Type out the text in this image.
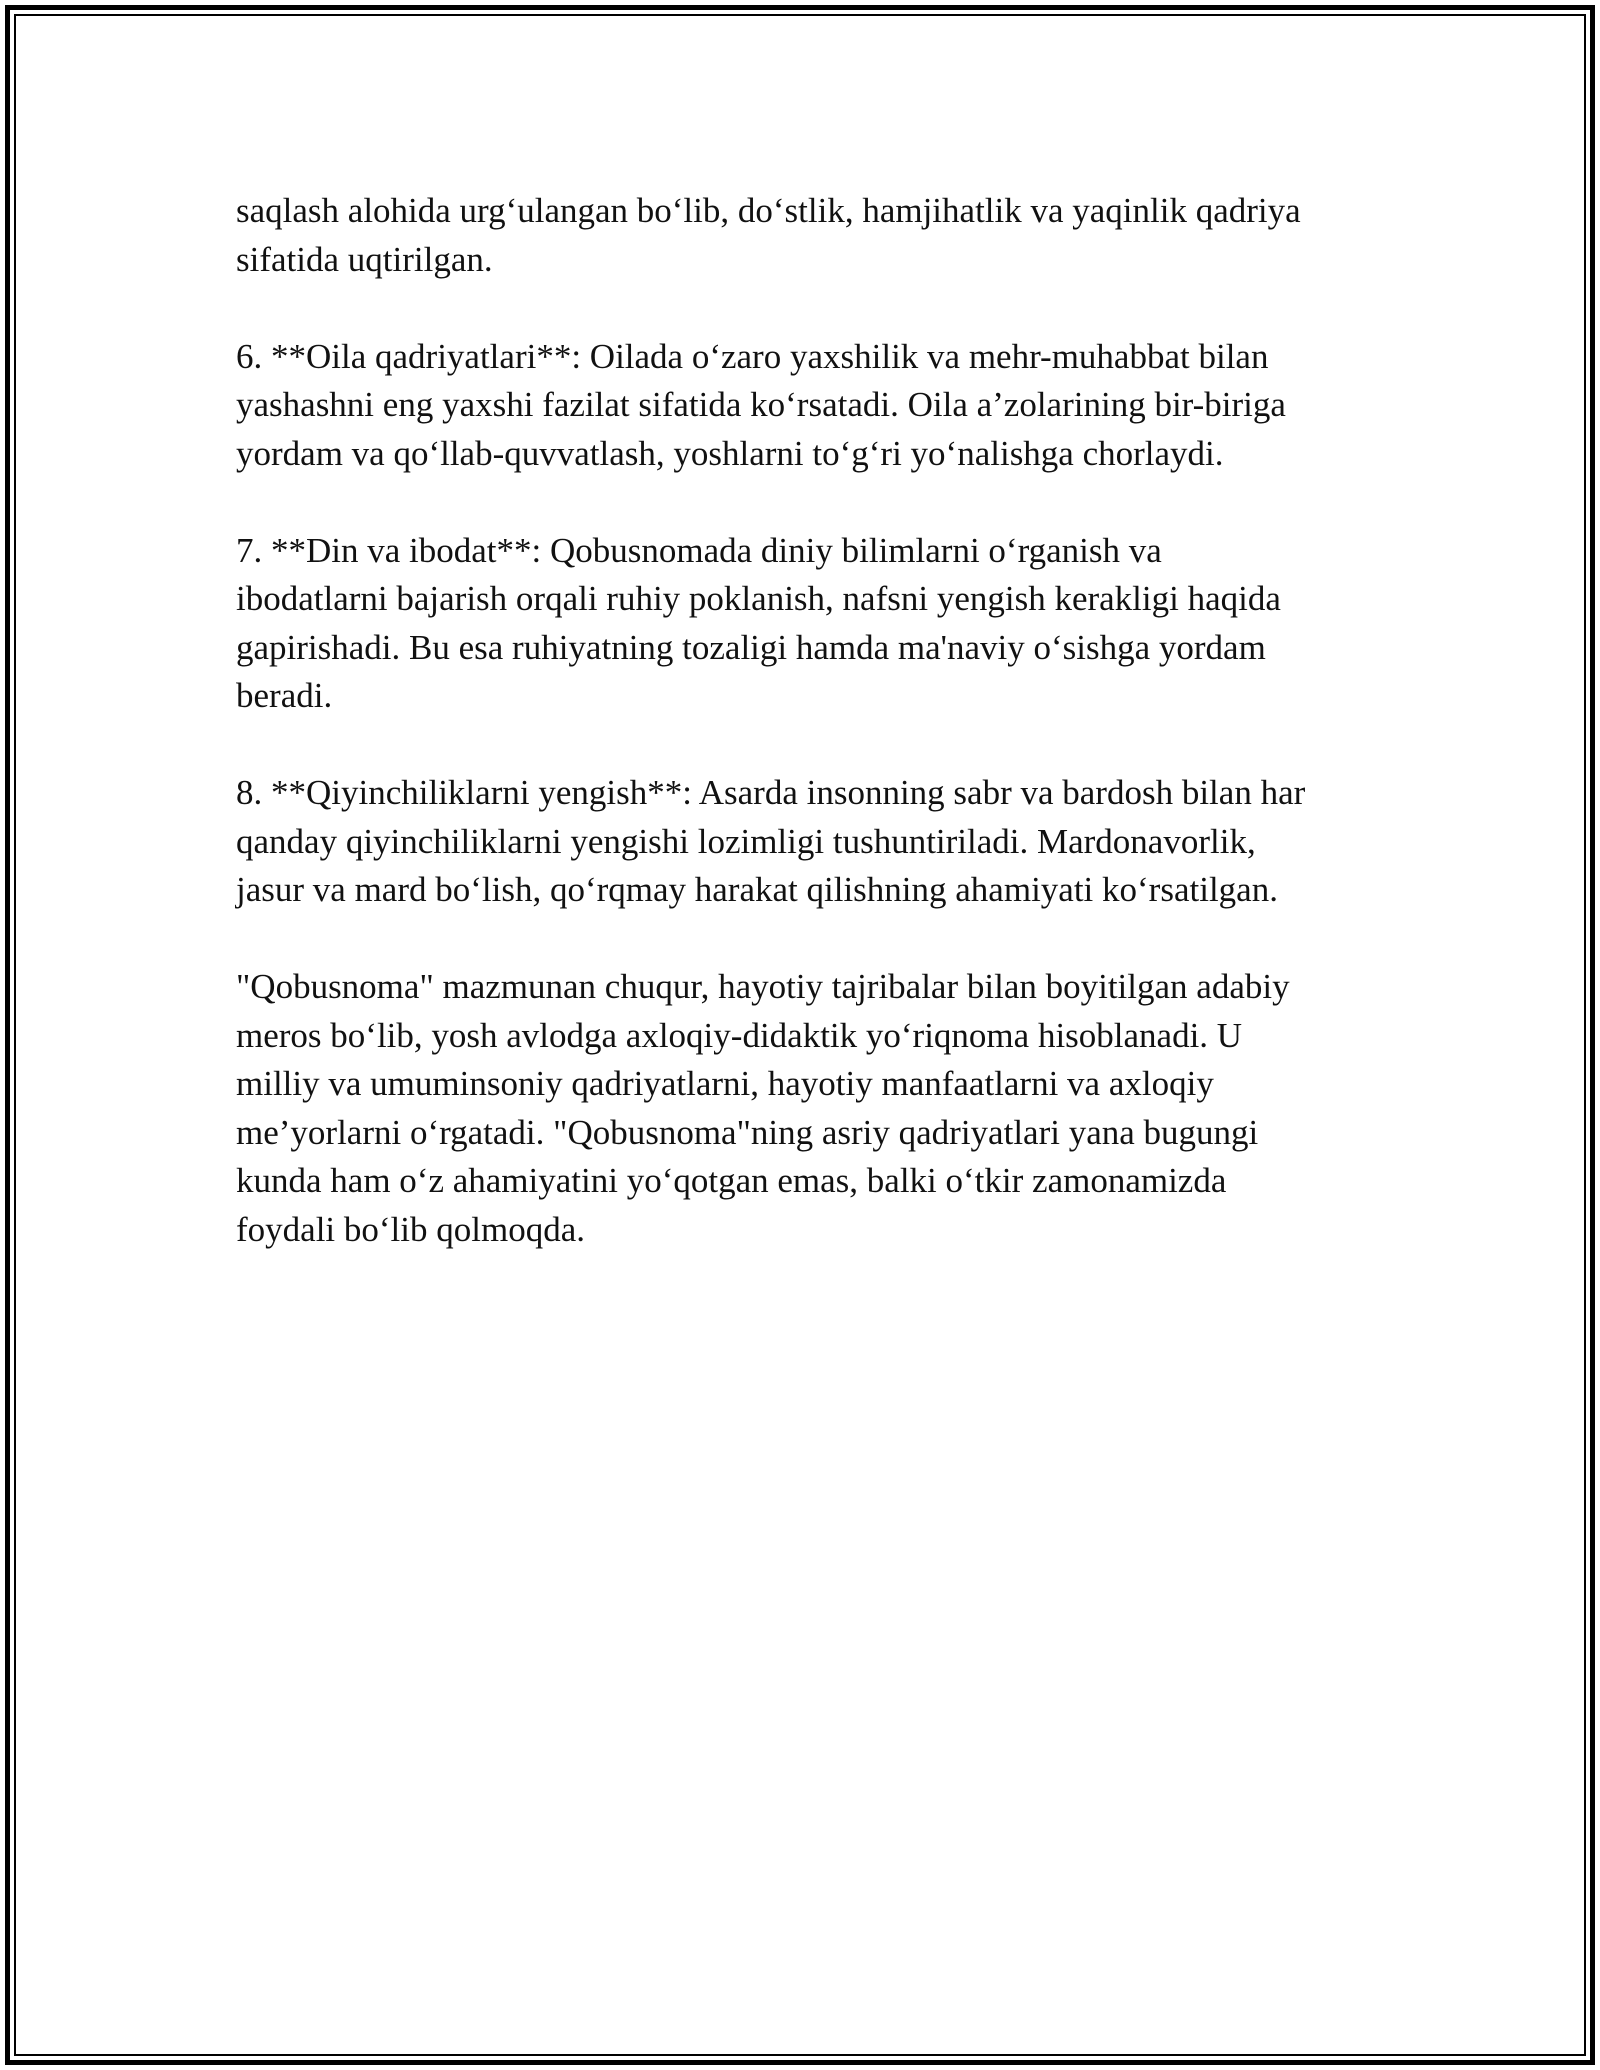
saqlash alohida urg‘ulangan bo‘lib, do‘stlik, hamjihatlik va yaqinlik qadriya
sifatida uqtirilgan.

6. **Oila qadriyatlari**: Oilada o‘zaro yaxshilik va mehr-muhabbat bilan
yashashni eng yaxshi fazilat sifatida ko‘rsatadi. Oila a’zolarining bir-biriga
yordam va qo‘llab-quvvatlash, yoshlarni to‘g‘ri yo‘nalishga chorlaydi.

7. **Din va ibodat**: Qobusnomada diniy bilimlarni o‘rganish va
ibodatlarni bajarish orqali ruhiy poklanish, nafsni yengish kerakligi haqida
gapirishadi. Bu esa ruhiyatning tozaligi hamda ma'naviy o‘sishga yordam
beradi.

8. **Qiyinchiliklarni yengish**: Asarda insonning sabr va bardosh bilan har
qanday qiyinchiliklarni yengishi lozimligi tushuntiriladi. Mardonavorlik,
jasur va mard bo‘lish, qo‘rqmay harakat qilishning ahamiyati ko‘rsatilgan.

"Qobusnoma" mazmunan chuqur, hayotiy tajribalar bilan boyitilgan adabiy
meros bo‘lib, yosh avlodga axloqiy-didaktik yo‘riqnoma hisoblanadi. U
milliy va umuminsoniy qadriyatlarni, hayotiy manfaatlarni va axloqiy
me’yorlarni o‘rgatadi. "Qobusnoma"ning asriy qadriyatlari yana bugungi
kunda ham o‘z ahamiyatini yo‘qotgan emas, balki o‘tkir zamonamizda
foydali bo‘lib qolmoqda.
